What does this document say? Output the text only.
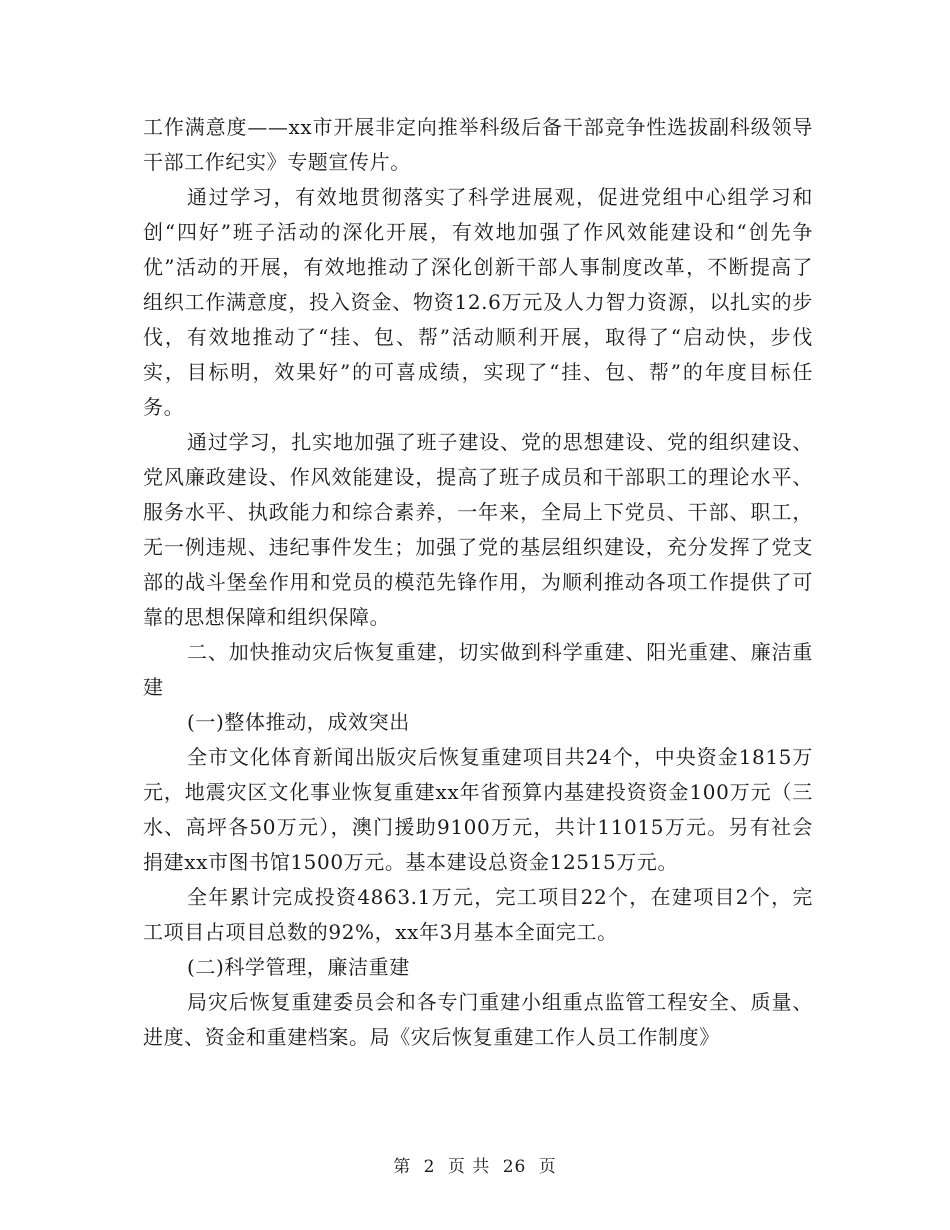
工作满意度——xx市开展非定向推举科级后备干部竞争性选拔副科级领导干部工作纪实》专题宣传片。

通过学习，有效地贯彻落实了科学进展观，促进党组中心组学习和创“四好”班子活动的深化开展，有效地加强了作风效能建设和“创先争优”活动的开展，有效地推动了深化创新干部人事制度改革，不断提高了组织工作满意度，投入资金、物资12.6万元及人力智力资源，以扎实的步伐，有效地推动了“挂、包、帮”活动顺利开展，取得了“启动快，步伐实，目标明，效果好”的可喜成绩，实现了“挂、包、帮”的年度目标任务。

通过学习，扎实地加强了班子建设、党的思想建设、党的组织建设、党风廉政建设、作风效能建设，提高了班子成员和干部职工的理论水平、服务水平、执政能力和综合素养，一年来，全局上下党员、干部、职工，无一例违规、违纪事件发生；加强了党的基层组织建设，充分发挥了党支部的战斗堡垒作用和党员的模范先锋作用，为顺利推动各项工作提供了可靠的思想保障和组织保障。

二、加快推动灾后恢复重建，切实做到科学重建、阳光重建、廉洁重建

(一)整体推动，成效突出

全市文化体育新闻出版灾后恢复重建项目共24个，中央资金1815万元，地震灾区文化事业恢复重建xx年省预算内基建投资资金100万元（三水、高坪各50万元），澳门援助9100万元，共计11015万元。另有社会捐建xx市图书馆1500万元。基本建设总资金12515万元。

全年累计完成投资4863.1万元，完工项目22个，在建项目2个，完工项目占项目总数的92%，xx年3月基本全面完工。

(二)科学管理，廉洁重建

局灾后恢复重建委员会和各专门重建小组重点监管工程安全、质量、进度、资金和重建档案。局《灾后恢复重建工作人员工作制度》

第 2 页 共 26 页
